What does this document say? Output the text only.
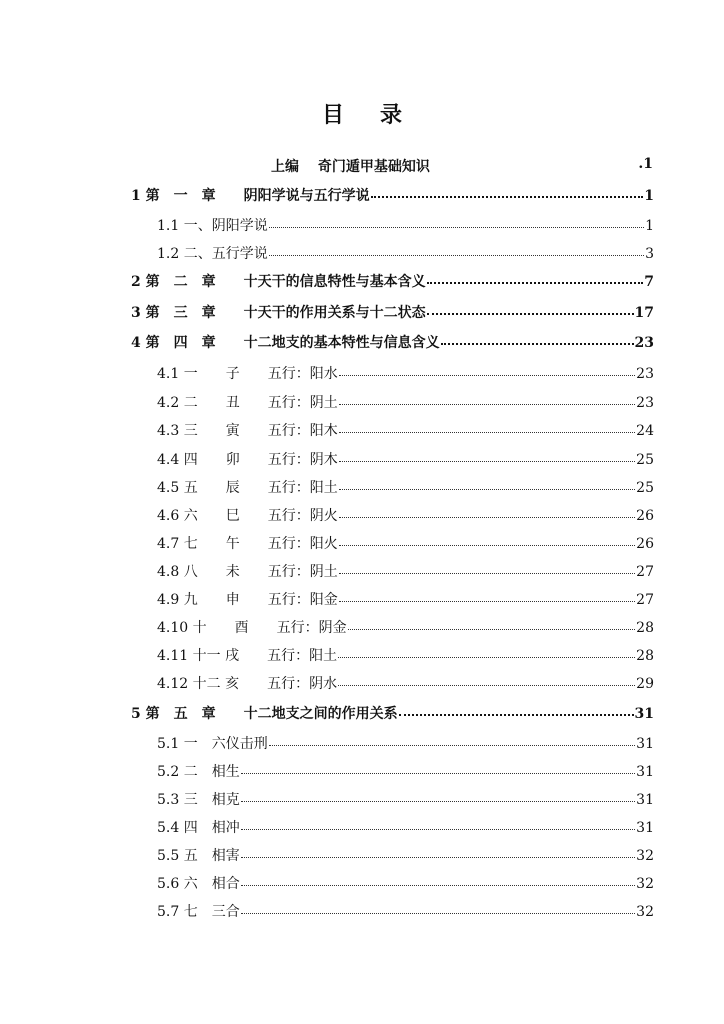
目 录
上编　 奇门遁甲基础知识	.1
1 第　一　章　　阴阳学说与五行学说	1
1.1 一、阴阳学说	1
1.2 二、五行学说	3
2 第　二　章　　十天干的信息特性与基本含义	7
3 第　三　章　　十天干的作用关系与十二状态	17
4 第　四　章　　十二地支的基本特性与信息含义	23
4.1 一　　子　　五行：阳水	23
4.2 二　　丑　　五行：阴土	23
4.3 三　　寅　　五行：阳木	24
4.4 四　　卯　　五行：阴木	25
4.5 五　　辰　　五行：阳土	25
4.6 六　　巳　　五行：阴火	26
4.7 七　　午　　五行：阳火	26
4.8 八　　未　　五行：阴土	27
4.9 九　　申　　五行：阳金	27
4.10 十　　酉　　五行：阴金	28
4.11 十一 戌　　五行：阳土	28
4.12 十二 亥　　五行：阴水	29
5 第　五　章　　十二地支之间的作用关系	31
5.1 一　六仪击刑	31
5.2 二　相生	31
5.3 三　相克	31
5.4 四　相冲	31
5.5 五　相害	32
5.6 六　相合	32
5.7 七　三合	32
